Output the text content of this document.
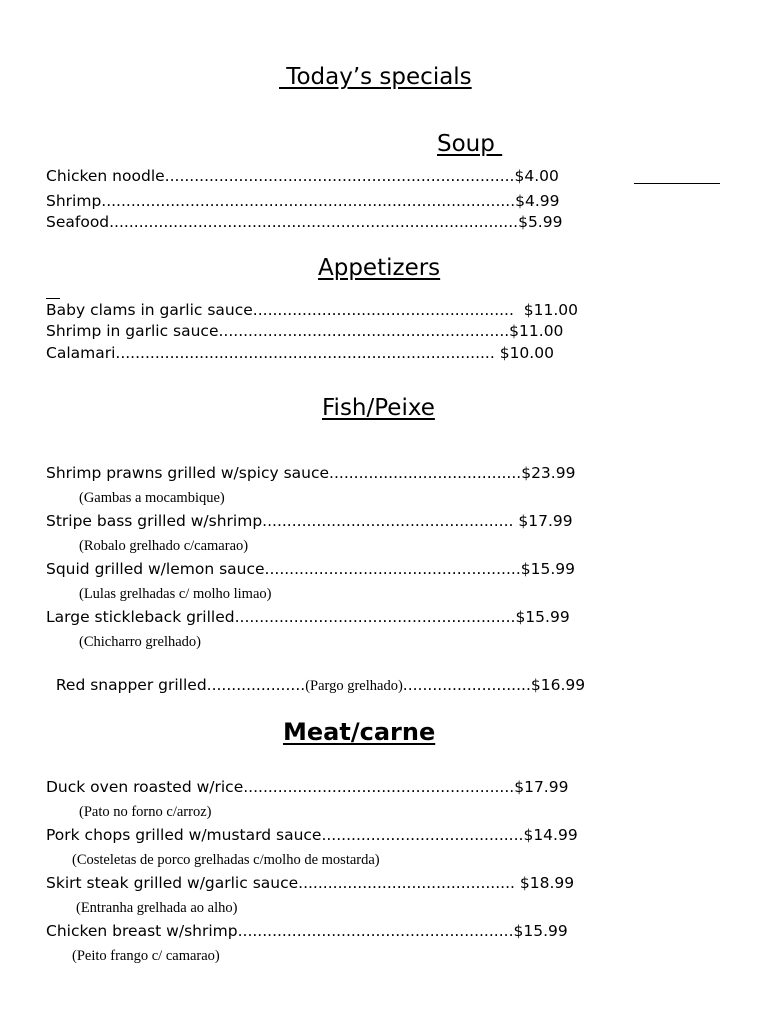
Today’s specials
Soup
Chicken noodle.......................................................................$4.00
Shrimp....................................................................................$4.99
Seafood...................................................................................$5.99
Appetizers
Baby clams in garlic sauce.....................................................  $11.00
Shrimp in garlic sauce...........................................................$11.00
Calamari............................................................................. $10.00
Fish/Peixe
Shrimp prawns grilled w/spicy sauce.......................................$23.99
(Gambas a mocambique)
Stripe bass grilled w/shrimp................................................... $17.99
(Robalo grelhado c/camarao)
Squid grilled w/lemon sauce....................................................$15.99
(Lulas grelhadas c/ molho limao)
Large stickleback grilled.........................................................$15.99
(Chicharro grelhado)

Red snapper grilled....................(Pargo grelhado)..........................$16.99

Meat/carne
Duck oven roasted w/rice.......................................................$17.99
(Pato no forno c/arroz)
Pork chops grilled w/mustard sauce.........................................$14.99
(Costeletas de porco grelhadas c/molho de mostarda)
Skirt steak grilled w/garlic sauce............................................ $18.99
(Entranha grelhada ao alho)
Chicken breast w/shrimp........................................................$15.99
(Peito frango c/ camarao)
